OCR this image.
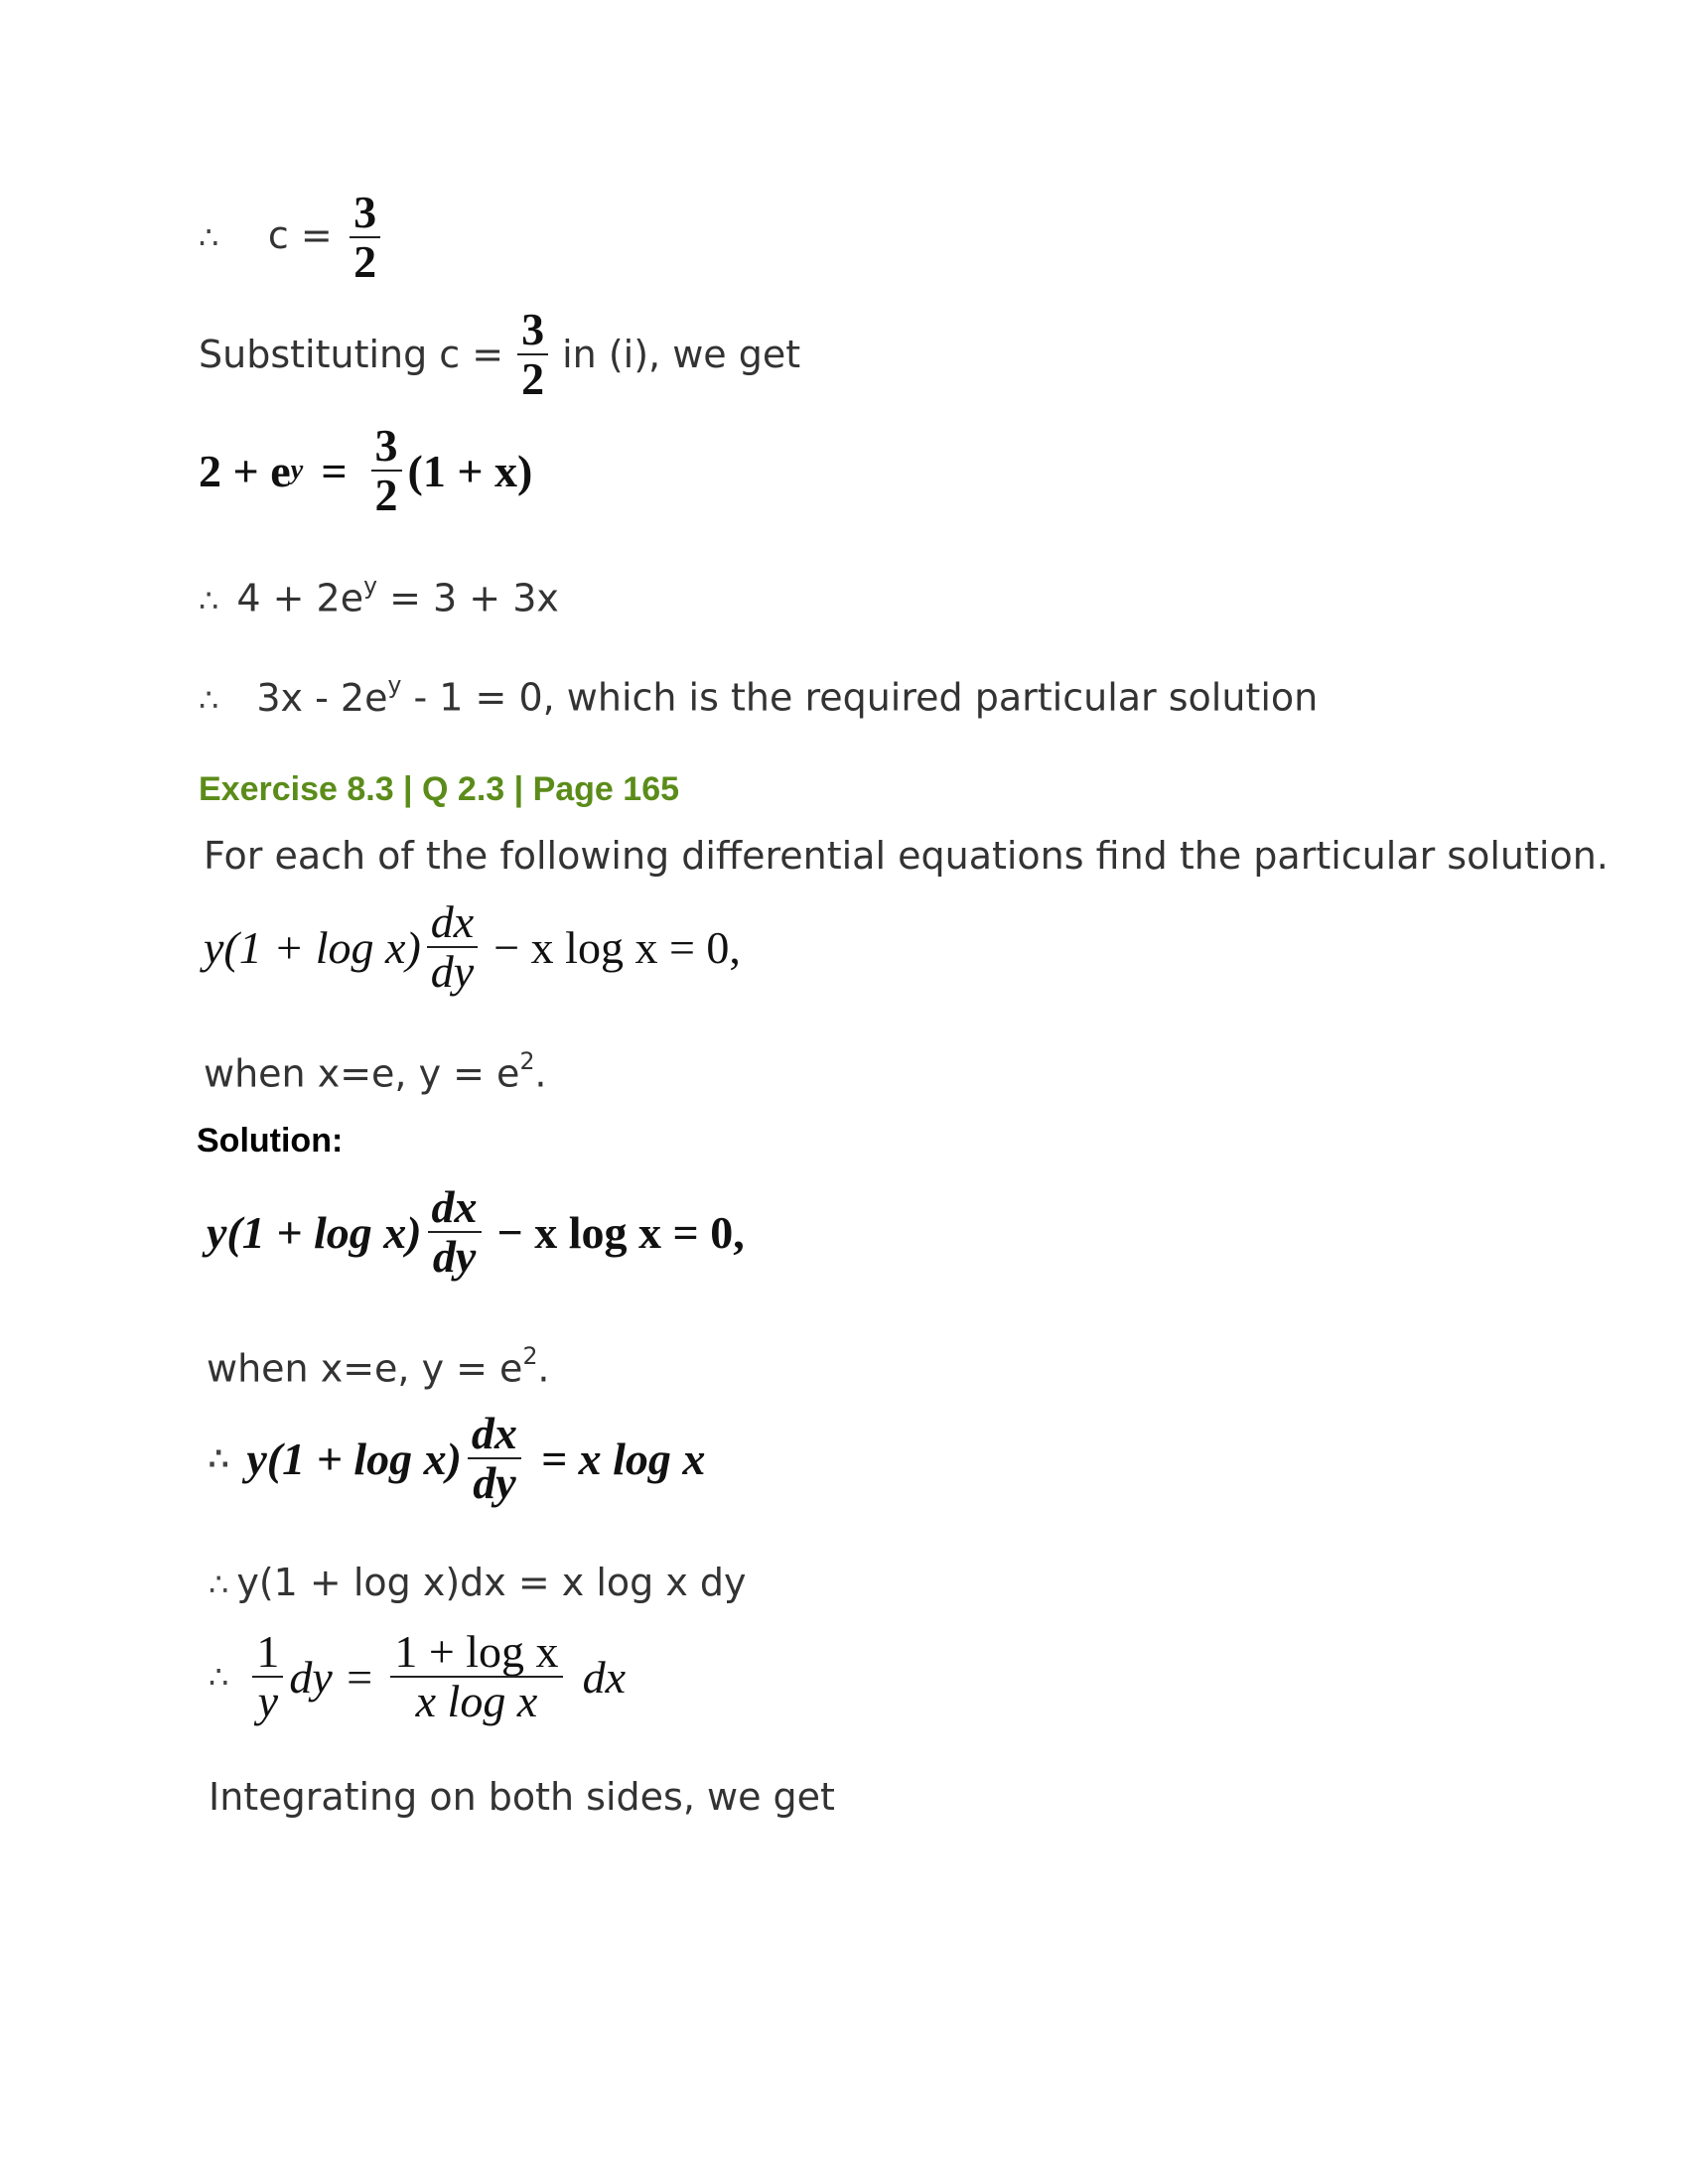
∴ $c = \frac{3}{2}$
Substituting $c = \frac{3}{2}$ in (i), we get
2 + e $y = \frac{3}{2} (1 + x)$
∴ $4 + 2e^y = 3 + 3x$
∴ $3x - 2e^y - 1 = 0$, which is the required particular solution
Exercise 8.3 | Q 2.3 | Page 165
For each of the following differential equations find the particular solution.
$y(1 + \log x) \frac{dx}{dy} - x$ log x = 0,
when x=e, $y = e^2$.
Solution:
$y(1 + \log x) \frac{dx}{dy} - x$ log x = 0,
when x=e, $y = e^2$.
∴ $y(1 + \log x) \frac{dx}{dy} = x$ log x
∴ y(1 + log x)dx = x log x dy
∴ $\frac{1}{y}$ dy = $\frac{\text{1 + log x}}{\text{x log x}}$ dx
Integrating on both sides, we get
